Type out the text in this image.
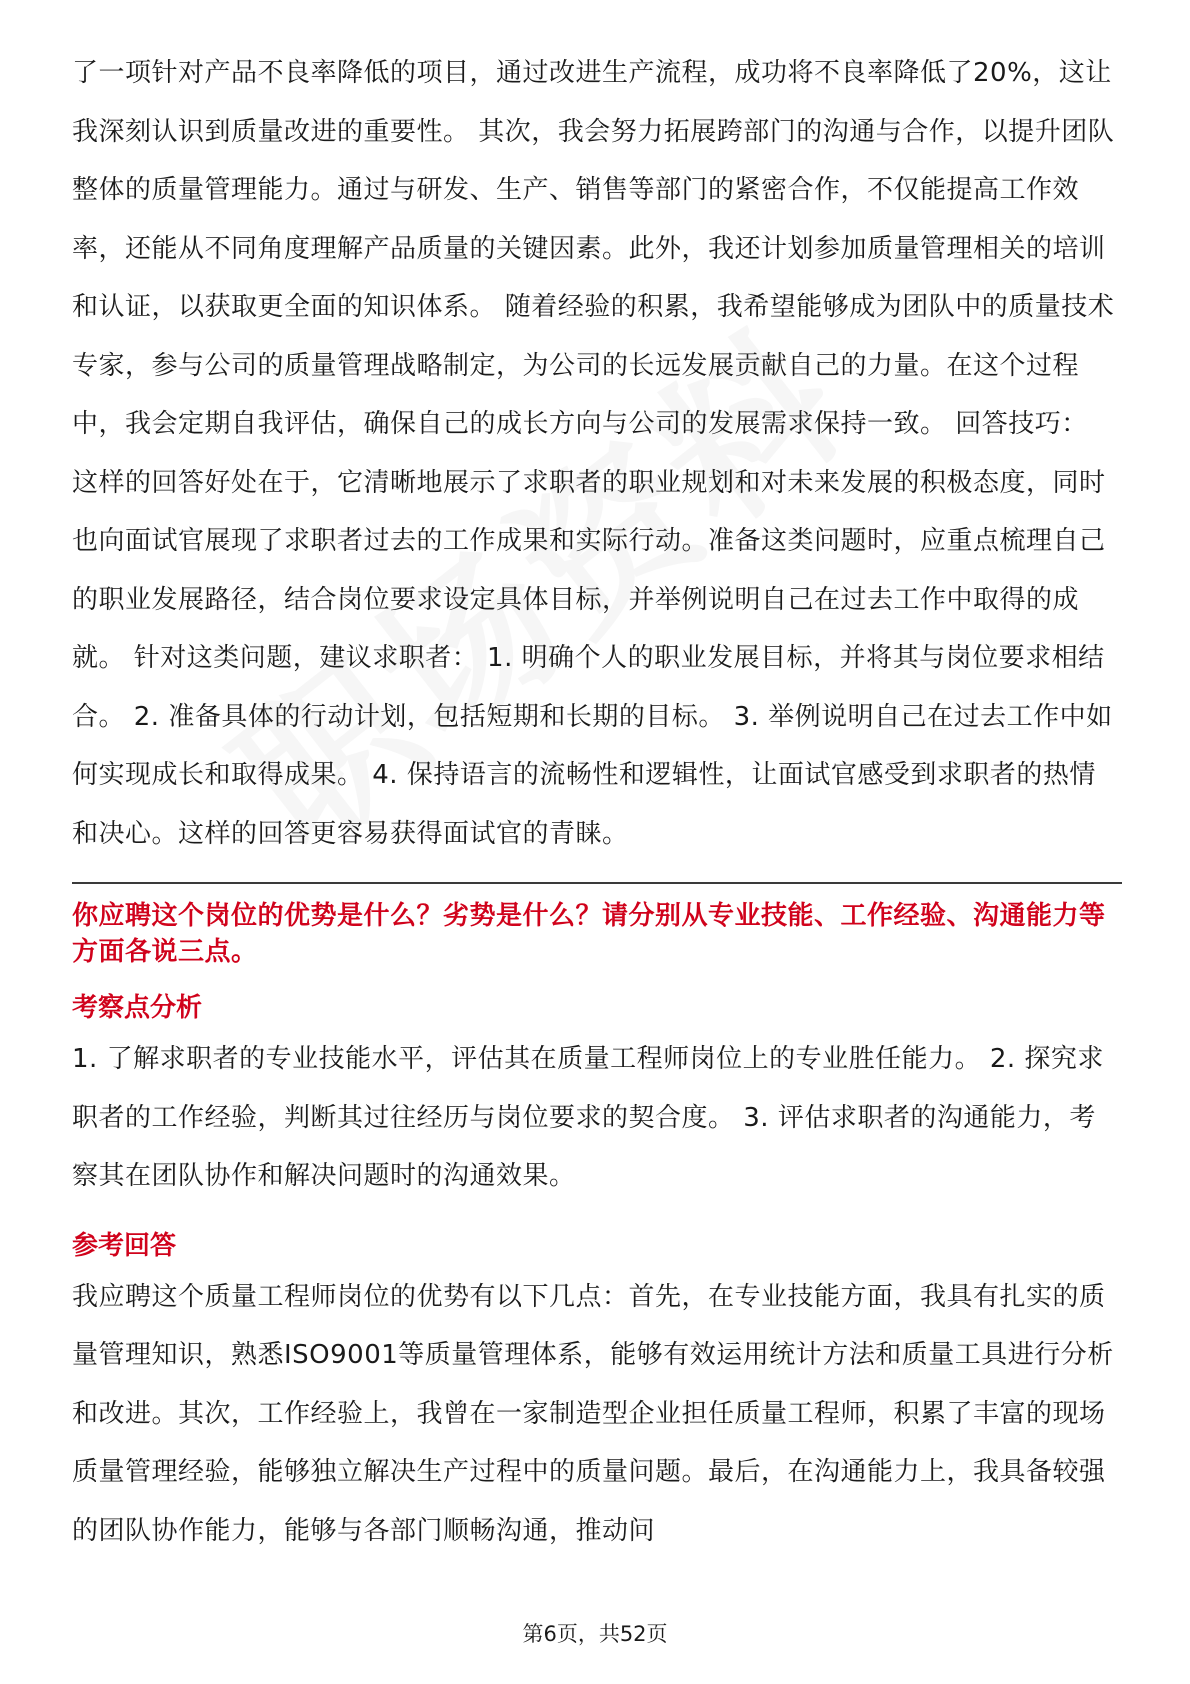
了一项针对产品不良率降低的项目，通过改进生产流程，成功将不良率降低了20%，这让我深刻认识到质量改进的重要性。 其次，我会努力拓展跨部门的沟通与合作，以提升团队整体的质量管理能力。通过与研发、生产、销售等部门的紧密合作，不仅能提高工作效率，还能从不同角度理解产品质量的关键因素。此外，我还计划参加质量管理相关的培训和认证，以获取更全面的知识体系。 随着经验的积累，我希望能够成为团队中的质量技术专家，参与公司的质量管理战略制定，为公司的长远发展贡献自己的力量。在这个过程中，我会定期自我评估，确保自己的成长方向与公司的发展需求保持一致。 回答技巧： 这样的回答好处在于，它清晰地展示了求职者的职业规划和对未来发展的积极态度，同时也向面试官展现了求职者过去的工作成果和实际行动。准备这类问题时，应重点梳理自己的职业发展路径，结合岗位要求设定具体目标，并举例说明自己在过去工作中取得的成就。 针对这类问题，建议求职者： 1. 明确个人的职业发展目标，并将其与岗位要求相结合。 2. 准备具体的行动计划，包括短期和长期的目标。 3. 举例说明自己在过去工作中如何实现成长和取得成果。 4. 保持语言的流畅性和逻辑性，让面试官感受到求职者的热情和决心。这样的回答更容易获得面试官的青睐。

你应聘这个岗位的优势是什么？劣势是什么？请分别从专业技能、工作经验、沟通能力等方面各说三点。

考察点分析

1. 了解求职者的专业技能水平，评估其在质量工程师岗位上的专业胜任能力。 2. 探究求职者的工作经验，判断其过往经历与岗位要求的契合度。 3. 评估求职者的沟通能力，考察其在团队协作和解决问题时的沟通效果。

参考回答

我应聘这个质量工程师岗位的优势有以下几点：首先，在专业技能方面，我具有扎实的质量管理知识，熟悉ISO9001等质量管理体系，能够有效运用统计方法和质量工具进行分析和改进。其次，工作经验上，我曾在一家制造型企业担任质量工程师，积累了丰富的现场质量管理经验，能够独立解决生产过程中的质量问题。最后，在沟通能力上，我具备较强的团队协作能力，能够与各部门顺畅沟通，推动问

第6页，共52页
